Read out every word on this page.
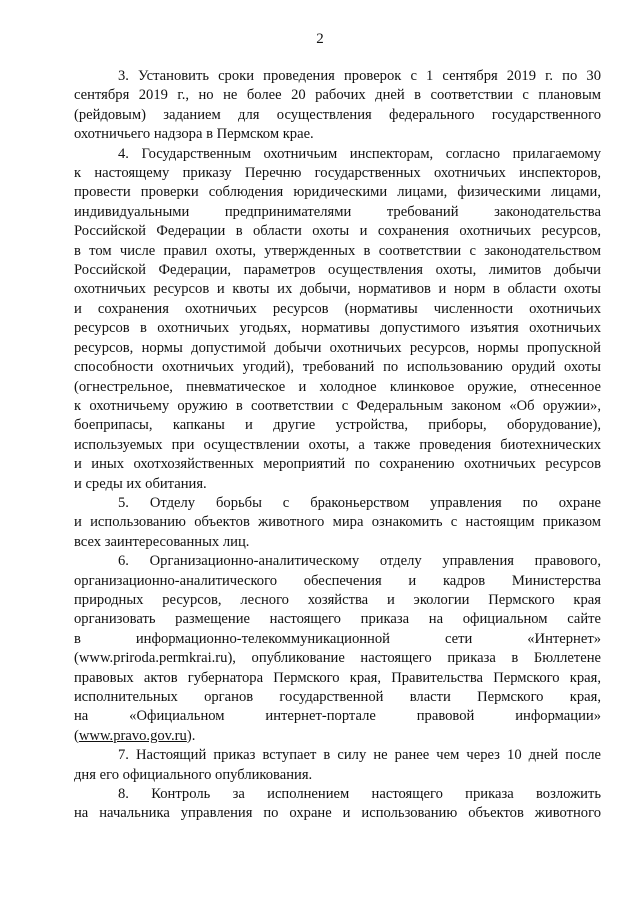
2
3. Установить сроки проведения проверок с 1 сентября 2019 г. по 30
сентября 2019 г., но не более 20 рабочих дней в соответствии с плановым
(рейдовым) заданием для осуществления федерального государственного
охотничьего надзора в Пермском крае.
4. Государственным охотничьим инспекторам, согласно прилагаемому
к настоящему приказу Перечню государственных охотничьих инспекторов,
провести проверки соблюдения юридическими лицами, физическими лицами,
индивидуальными предпринимателями требований законодательства
Российской Федерации в области охоты и сохранения охотничьих ресурсов,
в том числе правил охоты, утвержденных в соответствии с законодательством
Российской Федерации, параметров осуществления охоты, лимитов добычи
охотничьих ресурсов и квоты их добычи, нормативов и норм в области охоты
и сохранения охотничьих ресурсов (нормативы численности охотничьих
ресурсов в охотничьих угодьях, нормативы допустимого изъятия охотничьих
ресурсов, нормы допустимой добычи охотничьих ресурсов, нормы пропускной
способности охотничьих угодий), требований по использованию орудий охоты
(огнестрельное, пневматическое и холодное клинковое оружие, отнесенное
к охотничьему оружию в соответствии с Федеральным законом «Об оружии»,
боеприпасы, капканы и другие устройства, приборы, оборудование),
используемых при осуществлении охоты, а также проведения биотехнических
и иных охотхозяйственных мероприятий по сохранению охотничьих ресурсов
и среды их обитания.
5. Отделу борьбы с браконьерством управления по охране
и использованию объектов животного мира ознакомить с настоящим приказом
всех заинтересованных лиц.
6. Организационно-аналитическому отделу управления правового,
организационно-аналитического обеспечения и кадров Министерства
природных ресурсов, лесного хозяйства и экологии Пермского края
организовать размещение настоящего приказа на официальном сайте
в информационно-телекоммуникационной сети «Интернет»
(www.priroda.permkrai.ru), опубликование настоящего приказа в Бюллетене
правовых актов губернатора Пермского края, Правительства Пермского края,
исполнительных органов государственной власти Пермского края,
на «Официальном интернет-портале правовой информации»
(www.pravo.gov.ru).
7. Настоящий приказ вступает в силу не ранее чем через 10 дней после
дня его официального опубликования.
8. Контроль за исполнением настоящего приказа возложить
на начальника управления по охране и использованию объектов животного
